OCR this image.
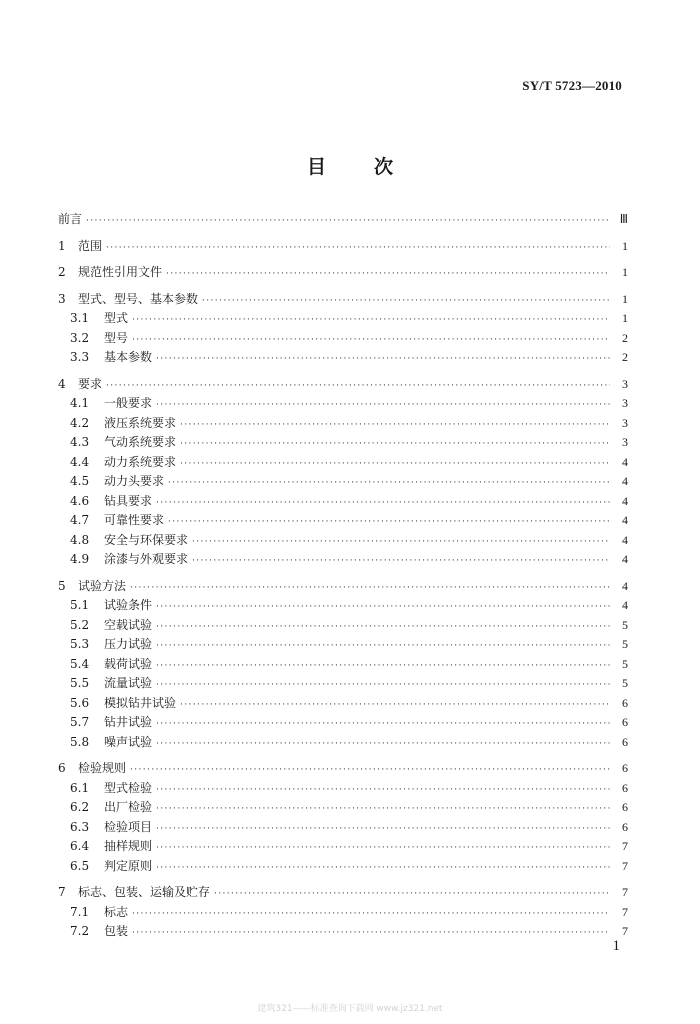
SY/T 5723—2010
目	次
前言 ·····	Ⅲ
1	范围 ·····	1
2	规范性引用文件 ·····	1
3	型式、型号、基本参数 ·····	1
3.1	型式 ·····	1
3.2	型号 ·····	2
3.3	基本参数 ·····	2
4	要求 ·····	3
4.1	一般要求 ·····	3
4.2	液压系统要求 ·····	3
4.3	气动系统要求 ·····	3
4.4	动力系统要求 ·····	4
4.5	动力头要求 ·····	4
4.6	钻具要求 ·····	4
4.7	可靠性要求 ·····	4
4.8	安全与环保要求 ·····	4
4.9	涂漆与外观要求 ·····	4
5	试验方法 ·····	4
5.1	试验条件 ·····	4
5.2	空载试验 ·····	5
5.3	压力试验 ·····	5
5.4	载荷试验 ·····	5
5.5	流量试验 ·····	5
5.6	模拟钻井试验 ·····	6
5.7	钻井试验 ·····	6
5.8	噪声试验 ·····	6
6	检验规则 ·····	6
6.1	型式检验 ·····	6
6.2	出厂检验 ·····	6
6.3	检验项目 ·····	6
6.4	抽样规则 ·····	7
6.5	判定原则 ·····	7
7	标志、包装、运输及贮存 ·····	7
7.1	标志 ·····	7
7.2	包装 ·····	7
1
建筑321——标准查询下载网 www.jz321.net
